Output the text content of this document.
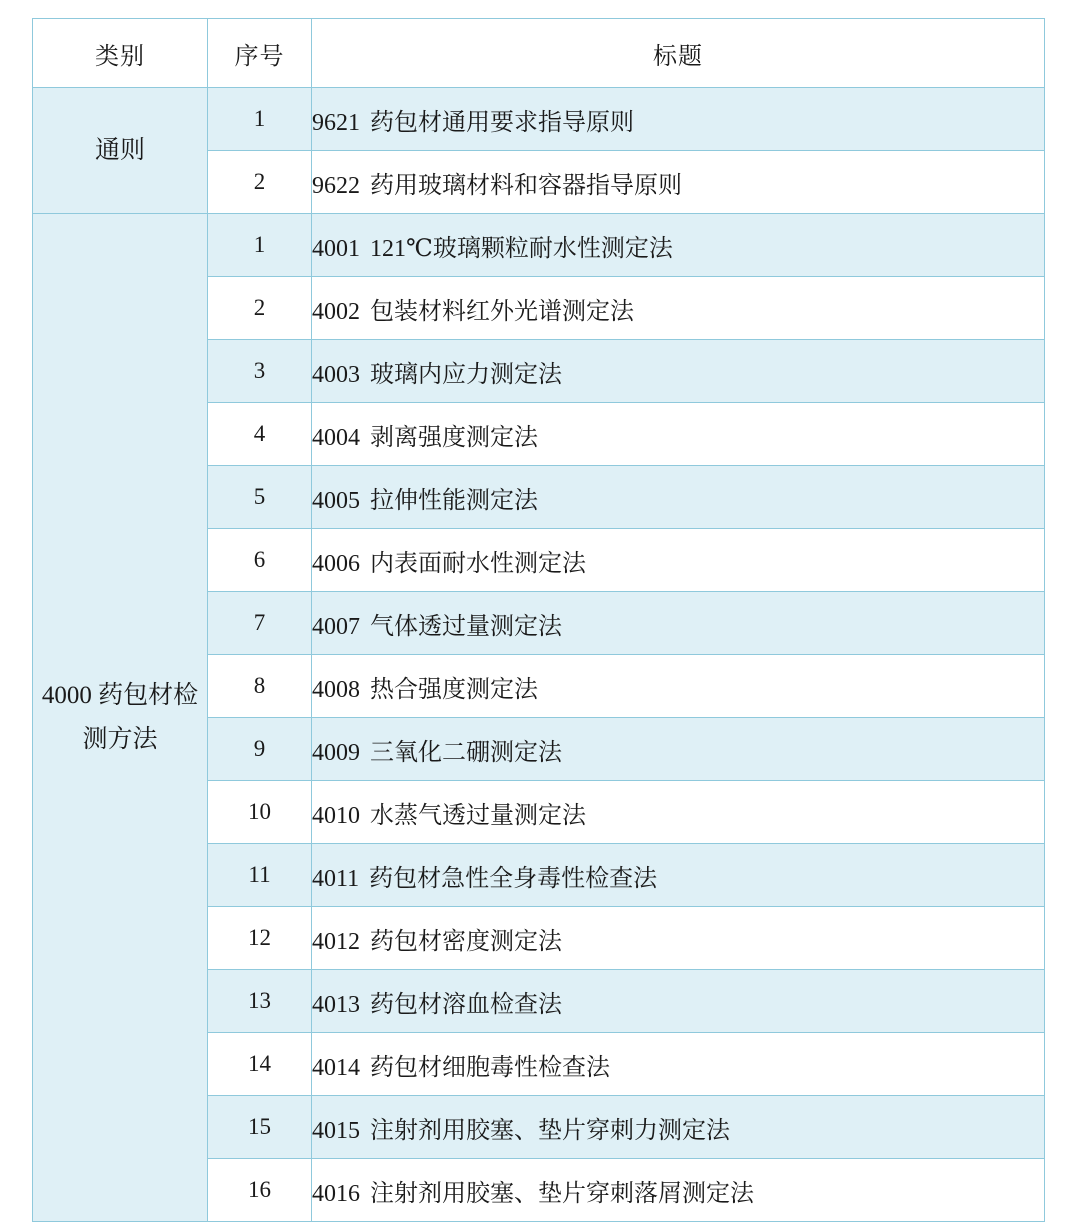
类别	序号	标题
通则	1	9621 药包材通用要求指导原则
	2	9622 药用玻璃材料和容器指导原则
4000 药包材检测方法	1	4001 121℃玻璃颗粒耐水性测定法
	2	4002 包装材料红外光谱测定法
	3	4003 玻璃内应力测定法
	4	4004 剥离强度测定法
	5	4005 拉伸性能测定法
	6	4006 内表面耐水性测定法
	7	4007 气体透过量测定法
	8	4008 热合强度测定法
	9	4009 三氧化二硼测定法
	10	4010 水蒸气透过量测定法
	11	4011 药包材急性全身毒性检查法
	12	4012 药包材密度测定法
	13	4013 药包材溶血检查法
	14	4014 药包材细胞毒性检查法
	15	4015 注射剂用胶塞、垫片穿刺力测定法
	16	4016 注射剂用胶塞、垫片穿刺落屑测定法
